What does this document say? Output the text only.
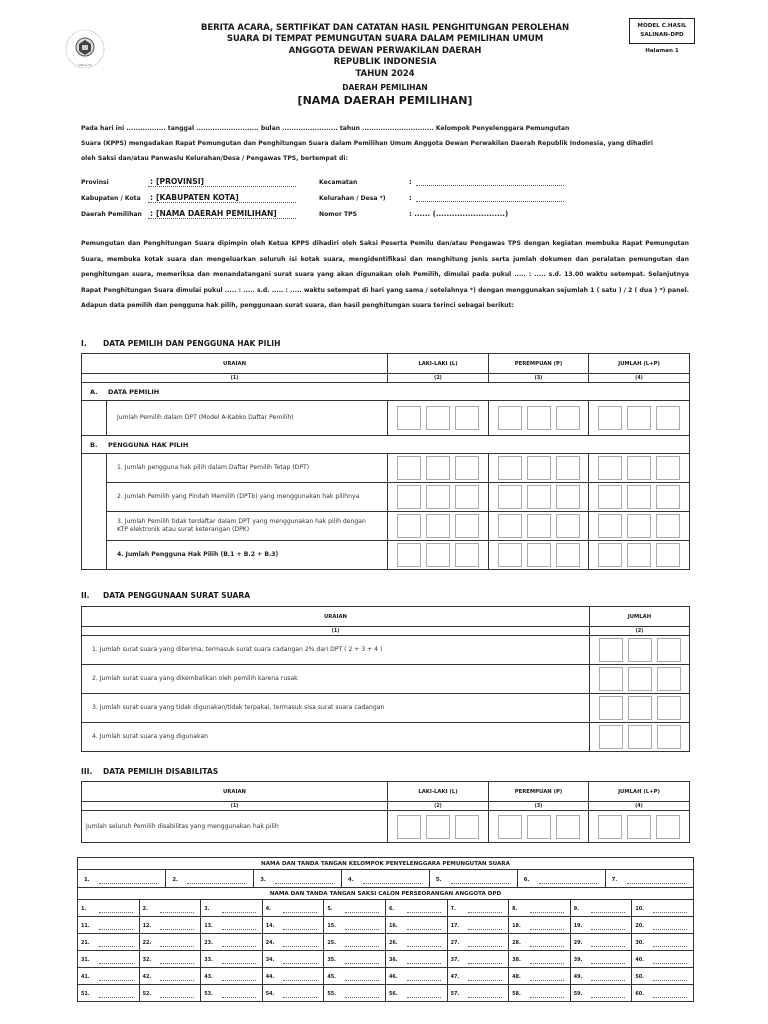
SIMULASI
BERITA ACARA, SERTIFIKAT DAN CATATAN HASIL PENGHITUNGAN PEROLEHAN
SUARA DI TEMPAT PEMUNGUTAN SUARA DALAM PEMILIHAN UMUM
ANGGOTA DEWAN PERWAKILAN DAERAH
REPUBLIK INDONESIA
TAHUN 2024
MODEL C.HASIL
SALINAN-DPD
Halaman 1
DAERAH PEMILIHAN
[NAMA DAERAH PEMILIHAN]
Pada hari ini ................. tanggal ........................... bulan ........................ tahun ............................... Kelompok Penyelenggara Pemungutan
Suara (KPPS) mengadakan Rapat Pemungutan dan Penghitungan Suara dalam Pemilihan Umum Anggota Dewan Perwakilan Daerah Republik Indonesia, yang dihadiri
oleh Saksi dan/atau Panwaslu Kelurahan/Desa / Pengawas TPS, bertempat di:
Provinsi	: [PROVINSI]	Kecamatan	:
Kabupaten / Kota	: [KABUPATEN KOTA]	Kelurahan / Desa *)	:
Daerah Pemilihan	: [NAMA DAERAH PEMILIHAN]	Nomor TPS	: ...... (..........................)
Pemungutan dan Penghitungan Suara dipimpin oleh Ketua KPPS dihadiri oleh Saksi Peserta Pemilu dan/atau Pengawas TPS dengan kegiatan membuka Rapat Pemungutan Suara, membuka kotak suara dan mengeluarkan seluruh isi kotak suara, mengidentifikasi dan menghitung jenis serta jumlah dokumen dan peralatan pemungutan dan penghitungan suara, memeriksa dan menandatangani surat suara yang akan digunakan oleh Pemilih, dimulai pada pukul ..... : ..... s.d. 13.00 waktu setempat. Selanjutnya Rapat Penghitungan Suara dimulai pukul ..... : ..... s.d. ..... : ..... waktu setempat di hari yang sama / setelahnya *) dengan menggunakan sejumlah 1 ( satu ) / 2 ( dua ) *) panel. Adapun data pemilih dan pengguna hak pilih, penggunaan surat suara, dan hasil penghitungan suara terinci sebagai berikut:
I. DATA PEMILIH DAN PENGGUNA HAK PILIH
URAIAN		LAKI-LAKI (L)	PEREMPUAN (P)	JUMLAH (L+P)
(1)		(2)	(3)	(4)
A. DATA PEMILIH				
	Jumlah Pemilih dalam DPT (Model A-Kabko Daftar Pemilih)			
B. PENGGUNA HAK PILIH				
	1. Jumlah pengguna hak pilih dalam Daftar Pemilih Tetap (DPT)			
	2. Jumlah Pemilih yang Pindah Memilih (DPTb) yang menggunakan hak pilihnya			
	3. Jumlah Pemilih tidak terdaftar dalam DPT yang menggunakan hak pilih dengan KTP elektronik atau surat keterangan (DPK)			
	4. Jumlah Pengguna Hak Pilih (B.1 + B.2 + B.3)			
II. DATA PENGGUNAAN SURAT SUARA
URAIAN	JUMLAH
(1)	(2)
1. Jumlah surat suara yang diterima, termasuk surat suara cadangan 2% dari DPT ( 2 + 3 + 4 )	
2. Jumlah surat suara yang dikembalikan oleh pemilih karena rusak	
3. Jumlah surat suara yang tidak digunakan/tidak terpakai, termasuk sisa surat suara cadangan	
4. Jumlah surat suara yang digunakan	
III. DATA PEMILIH DISABILITAS
URAIAN	LAKI-LAKI (L)	PEREMPUAN (P)	JUMLAH (L+P)
(1)	(2)	(3)	(4)
Jumlah seluruh Pemilih disabilitas yang menggunakan hak pilih			
NAMA DAN TANDA TANGAN KELOMPOK PENYELENGGARA PEMUNGUTAN SUARA

1.	2.	3.	4.	5.	6.	7.

NAMA DAN TANDA TANGAN SAKSI CALON PERSEORANGAN ANGGOTA DPD
1.	2.	3.	4.	5.	6.	7.	8.	9.	10.

11.	12.	13.	14.	15.	16.	17.	18.	19.	20.

21.	22.	23.	24.	25.	26.	27.	28.	29.	30.

31.	32.	33.	34.	35.	36.	37.	38.	39.	40.

41.	42.	43.	44.	45.	46.	47.	48.	49.	50.

51.	52.	53.	54.	55.	56.	57.	58.	59.	60.
